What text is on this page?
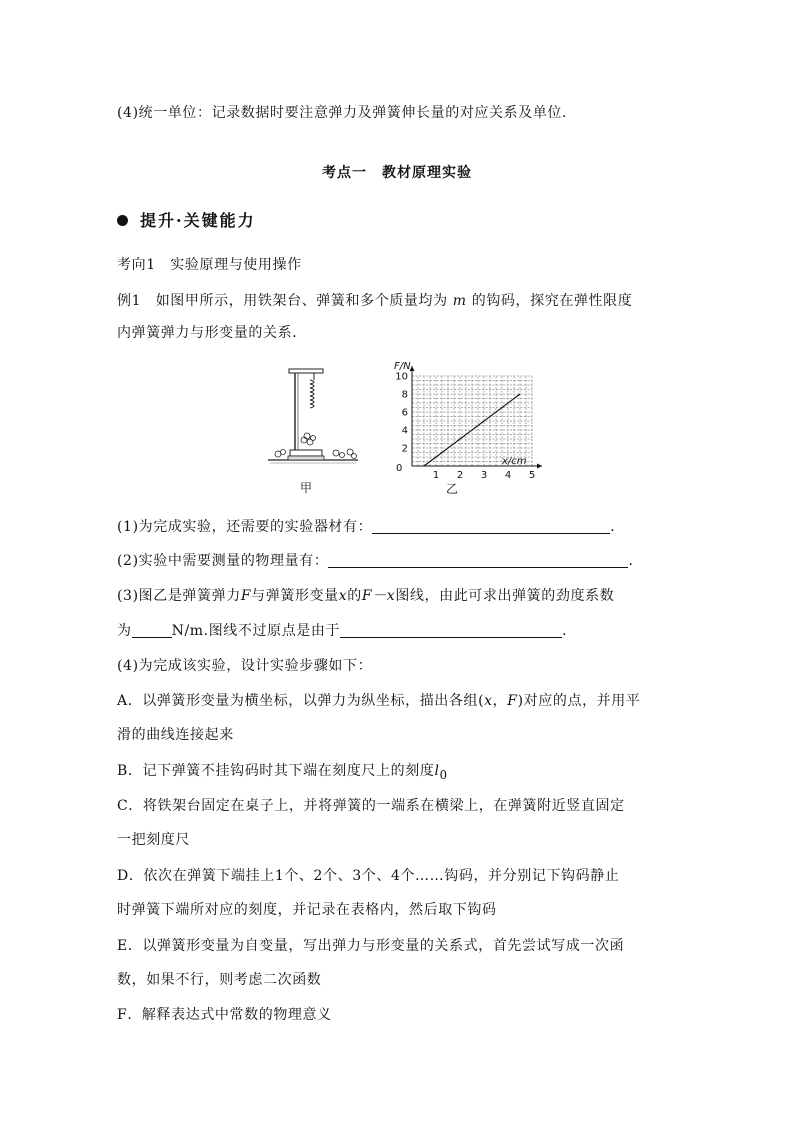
(4)统一单位：记录数据时要注意弹力及弹簧伸长量的对应关系及单位．
考点一　教材原理实验
提升·关键能力
考向1　实验原理与使用操作
例1　如图甲所示，用铁架台、弹簧和多个质量均为 m 的钩码，探究在弹性限度
内弹簧弹力与形变量的关系．
甲
F/N
x/cm
0
乙
10
8
6
4
2
1 2 3 4 5
(1)为完成实验，还需要的实验器材有：	．
(2)实验中需要测量的物理量有：	．
(3)图乙是弹簧弹力F与弹簧形变量x的F－x图线，由此可求出弹簧的劲度系数
为	N/m.图线不过原点是由于	．
(4)为完成该实验，设计实验步骤如下：
A．以弹簧形变量为横坐标，以弹力为纵坐标，描出各组(x，F)对应的点，并用平
滑的曲线连接起来
B．记下弹簧不挂钩码时其下端在刻度尺上的刻度$l_0$
C．将铁架台固定在桌子上，并将弹簧的一端系在横梁上，在弹簧附近竖直固定
一把刻度尺
D．依次在弹簧下端挂上1个、2个、3个、4个……钩码，并分别记下钩码静止
时弹簧下端所对应的刻度，并记录在表格内，然后取下钩码
E．以弹簧形变量为自变量，写出弹力与形变量的关系式，首先尝试写成一次函
数，如果不行，则考虑二次函数
F．解释表达式中常数的物理意义
